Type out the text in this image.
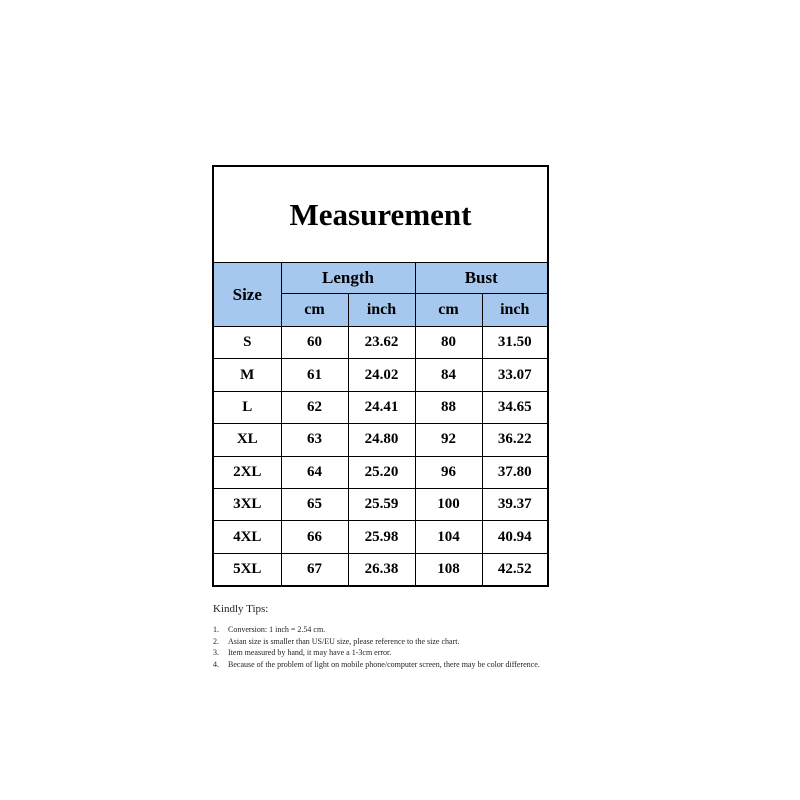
Measurement
Size	Length		Bust	
	cm	inch	cm	inch
S	60	23.62	80	31.50
M	61	24.02	84	33.07
L	62	24.41	88	34.65
XL	63	24.80	92	36.22
2XL	64	25.20	96	37.80
3XL	65	25.59	100	39.37
4XL	66	25.98	104	40.94
5XL	67	26.38	108	42.52
Kindly Tips:
1.	Conversion: 1 inch = 2.54 cm.
2.	Asian size is smaller than US/EU size, please reference to the size chart.
3.	Item measured by hand, it may have a 1-3cm error.
4.	Because of the problem of light on mobile phone/computer screen, there may be color difference.
